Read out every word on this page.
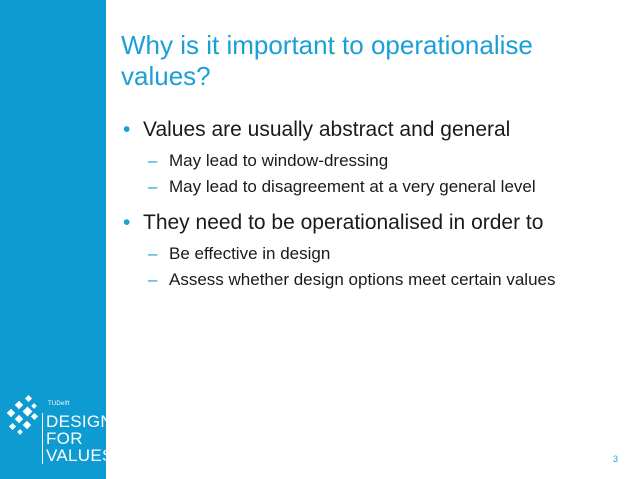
TUDelft
DESIGN
FOR
VALUES
Why is it important to operationalise values?
• Values are usually abstract and general
– May lead to window-dressing
– May lead to disagreement at a very general level
• They need to be operationalised in order to
– Be effective in design
– Assess whether design options meet certain values
3
